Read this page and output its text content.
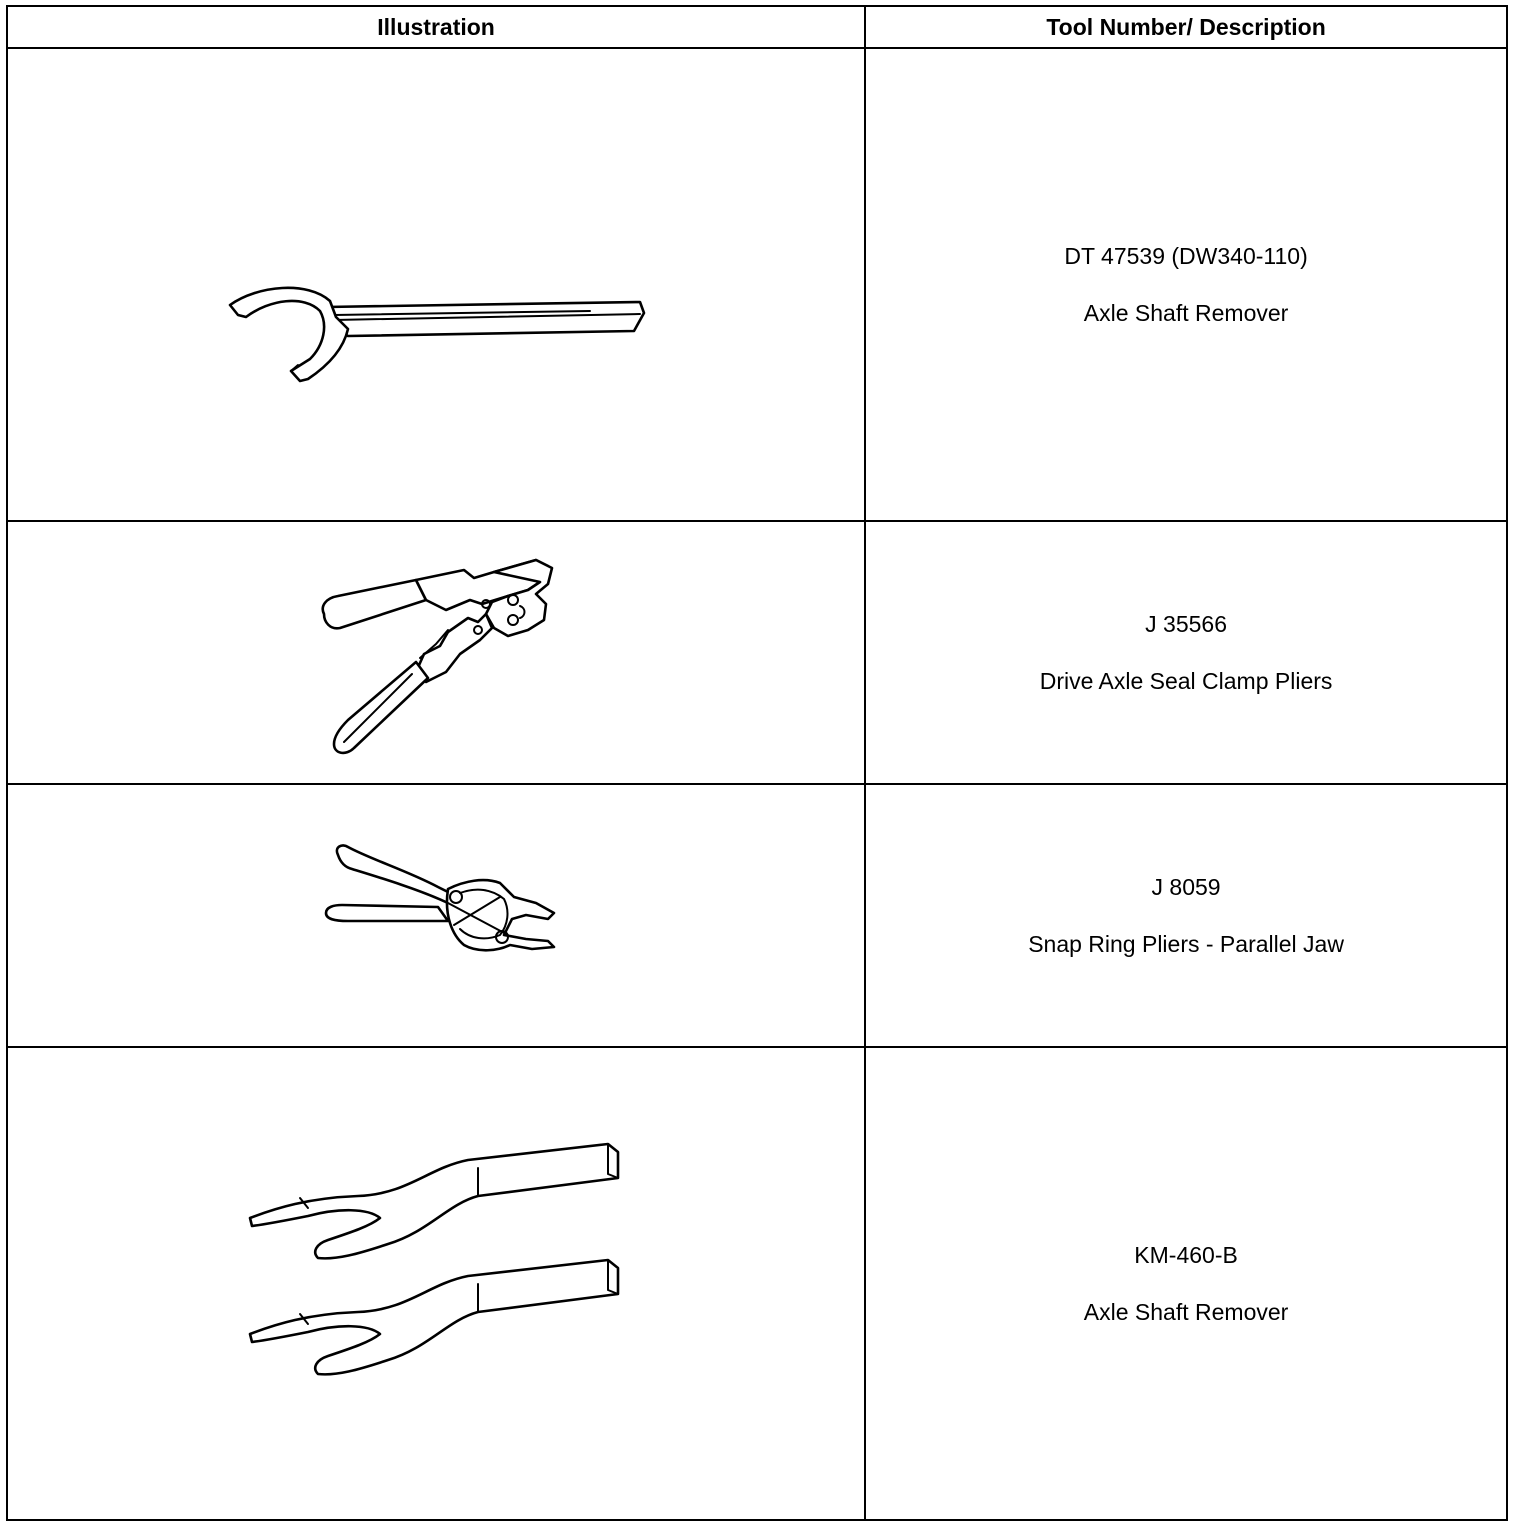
Illustration	Tool Number/ Description

DT 47539 (DW340-110)
Axle Shaft Remover

J 35566
Drive Axle Seal Clamp Pliers

J 8059
Snap Ring Pliers - Parallel Jaw

KM-460-B
Axle Shaft Remover
